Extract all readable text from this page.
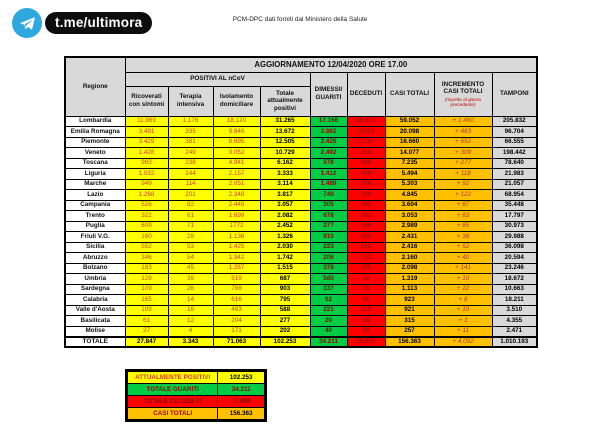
t.me/ultimora	PCM-DPC dati forniti dal Ministero della Salute
Regione	AGGIORNAMENTO 12/04/2020 ORE 17.00								
	POSITIVI AL nCoV				DIMESSI/ GUARITI	DECEDUTI	CASI TOTALI	INCREMENTO CASI TOTALI
(rispetto al giorno precedente)	TAMPONI
	Ricoverati con sintomi	Terapia intensiva	Isolamento domiciliare	Totale attualmente positivi					
Lombardia	11.969	1.176	18.120	31.265	17.166	10.621	59.052	+ 1.460	205.832
Emilia Romagna	3.491	335	9.846	13.672	3.862	2.564	20.098	+ 463	96.704
Piemonte	3.429	381	8.695	12.505	2.426	1.729	16.660	+ 652	66.555
Veneto	1.428	249	9.052	10.729	2.492	856	14.077	+ 309	198.442
Toscana	983	238	4.941	6.162	578	495	7.235	+ 277	78.640
Liguria	1.032	144	2.157	3.333	1.412	749	5.494	+ 118	21.983
Marche	949	114	2.051	3.114	1.489	700	5.303	+ 92	21.057
Lazio	1.268	201	2.348	3.817	749	279	4.845	+ 122	68.954
Campania	526	82	2.449	3.057	305	242	3.604	+ 87	35.448
Trento	322	61	1.699	2.082	678	293	3.053	+ 83	17.797
Puglia	609	71	1772	2.452	277	260	2.989	+ 85	30.973
Friuli V.G.	160	28	1.138	1.326	910	195	2.431	+ 38	29.988
Sicilia	552	53	1.425	2.030	223	163	2.416	+ 52	36.098
Abruzzo	346	54	1.342	1.742	206	212	2.160	+ 40	20.594
Bolzano	183	45	1.287	1.515	378	205	2.098	+ 141	23.246
Umbria	129	39	519	687	580	52	1.319	+ 10	18.672
Sardegna	109	26	768	903	137	73	1.113	+ 22	10.663
Calabria	165	14	616	795	62	66	923	+ 8	18.211
Valle d'Aosta	109	16	463	588	221	112	921	+ 19	3.510
Basilicata	61	12	204	277	20	18	315	+ 3	4.355
Molise	27	4	171	202	40	15	257	+ 11	2.471
TOTALE	27.847	3.343	71.063	102.253	34.211	19.899	156.363	+ 4.092	1.010.193
ATTUALMENTE POSITIVI	102.253
TOTALE GUARITI	34.211
TOTALE DECEDUTI	19.899
CASI TOTALI	156.363
